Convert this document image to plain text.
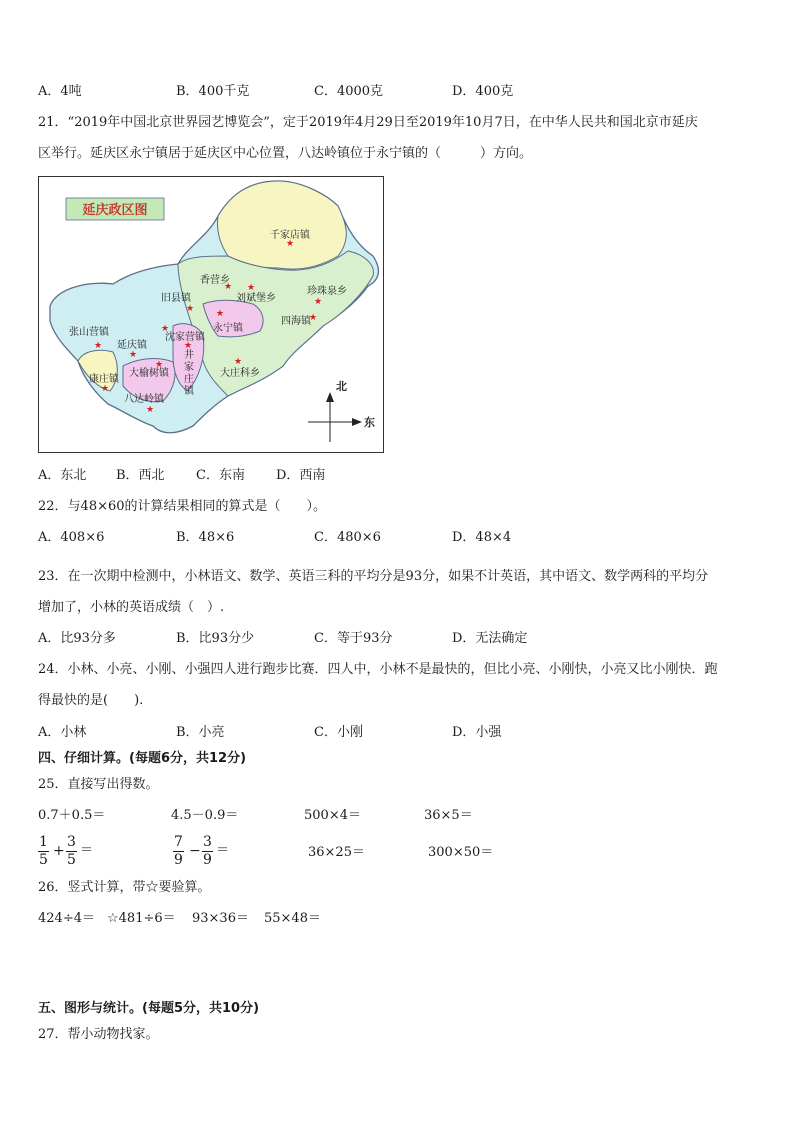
A．4吨	B．400千克	C．4000克	D．400克
21．“2019年中国北京世界园艺博览会”，定于2019年4月29日至2019年10月7日，在中华人民共和国北京市延庆
区举行。延庆区永宁镇居于延庆区中心位置，八达岭镇位于永宁镇的（　　　）方向。
延庆政区图
千家店镇
香营乡
旧县镇	刘斌堡乡
珍珠泉乡
四海镇
张山营镇	沈家营镇
永宁镇
延庆镇
井
家
庄
镇
大榆树镇	大庄科乡
康庄镇
八达岭镇
★
★
★
★
★
★
★
★
★
★
★
★	★
★
★
北
东
A．东北 B．西北 C．东南 D．西南
22．与48×60的计算结果相同的算式是（　　）。
A．408×6	B．48×6	C．480×6	D．48×4
23．在一次期中检测中，小林语文、数学、英语三科的平均分是93分，如果不计英语，其中语文、数学两科的平均分
增加了，小林的英语成绩（　）.
A．比93分多	B．比93分少	C．等于93分	D．无法确定
24．小林、小亮、小刚、小强四人进行跑步比赛．四人中，小林不是最快的，但比小亮、小刚快，小亮又比小刚快．跑
得最快的是(　　).
A．小林	B．小亮	C．小刚	D．小强
四、仔细计算。(每题6分，共12分)
25．直接写出得数。
0.7＋0.5＝	4.5－0.9＝	500×4＝	36×5＝
$\frac{1}{5} + \frac{3}{5}$ ＝	$\frac{7}{9} - \frac{3}{9}$ ＝	36×25＝	300×50＝
26．竖式计算，带☆要验算。
424÷4＝ ☆481÷6＝ 93×36＝ 55×48＝
五、图形与统计。(每题5分，共10分)
27．帮小动物找家。
